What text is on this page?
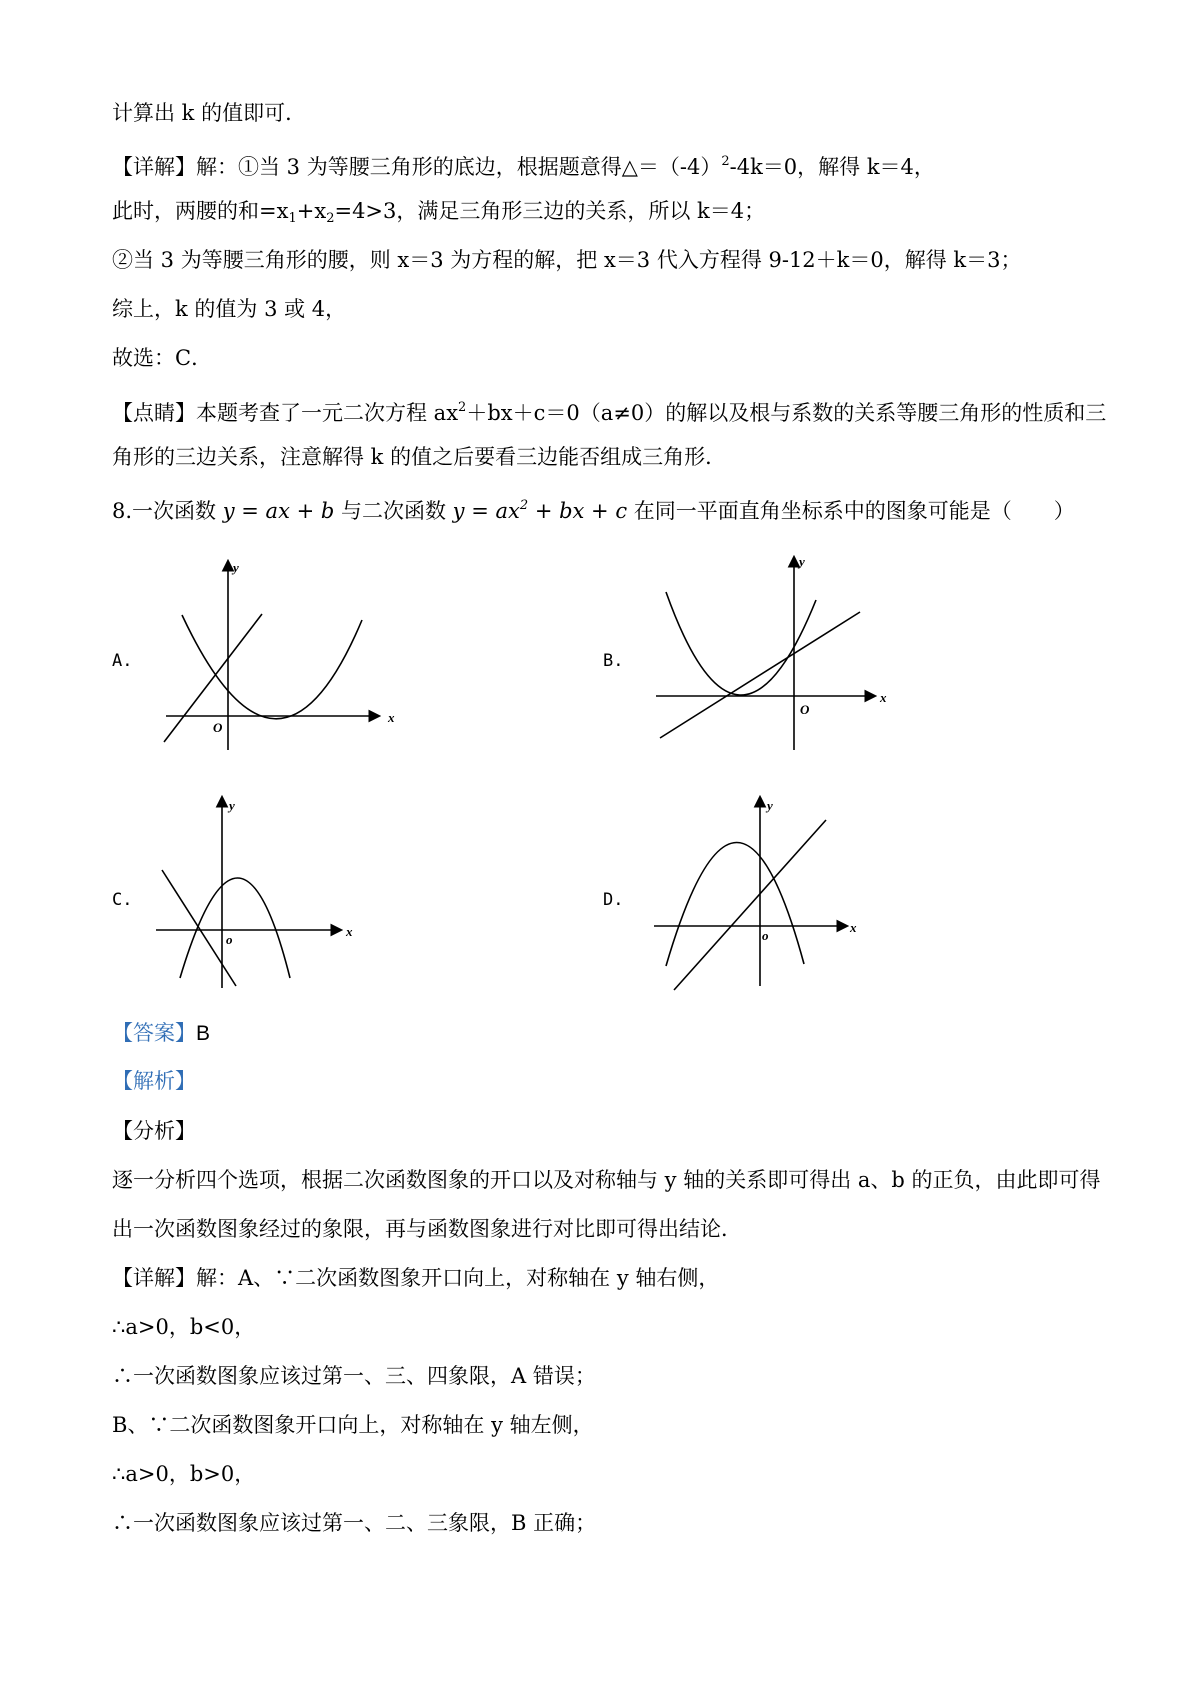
计算出 k 的值即可．
【详解】解：①当 3 为等腰三角形的底边，根据题意得$\triangle=(-4)^2-4k=0$，解得 k＝4，
此时，两腰的和$=x_1+x_2=4>3$，满足三角形三边的关系，所以 k＝4；
②当 3 为等腰三角形的腰，则 x＝3 为方程的解，把 x＝3 代入方程得 9-12＋k＝0，解得 k＝3；
综上，k 的值为 3 或 4，
故选：C．
【点睛】本题考查了一元二次方程 $ax^2+bx+c=0(a\ne 0)$的解以及根与系数的关系等腰三角形的性质和三
角形的三边关系，注意解得 k 的值之后要看三边能否组成三角形．
8.一次函数 y = ax + b 与二次函数 $y = ax^2$ + bx + c 在同一平面直角坐标系中的图象可能是（　　）
A.	B.
C.	D.
x
y
O
x
y
O
x
y
o
x
y
o
【答案】B
【解析】
【分析】
逐一分析四个选项，根据二次函数图象的开口以及对称轴与 y 轴的关系即可得出 a、b 的正负，由此即可得
出一次函数图象经过的象限，再与函数图象进行对比即可得出结论．
【详解】解：A、∵二次函数图象开口向上，对称轴在 y 轴右侧，
∴a>0，b<0，
∴一次函数图象应该过第一、三、四象限，A 错误；
B、∵二次函数图象开口向上，对称轴在 y 轴左侧，
∴a>0，b>0，
∴一次函数图象应该过第一、二、三象限，B 正确；
